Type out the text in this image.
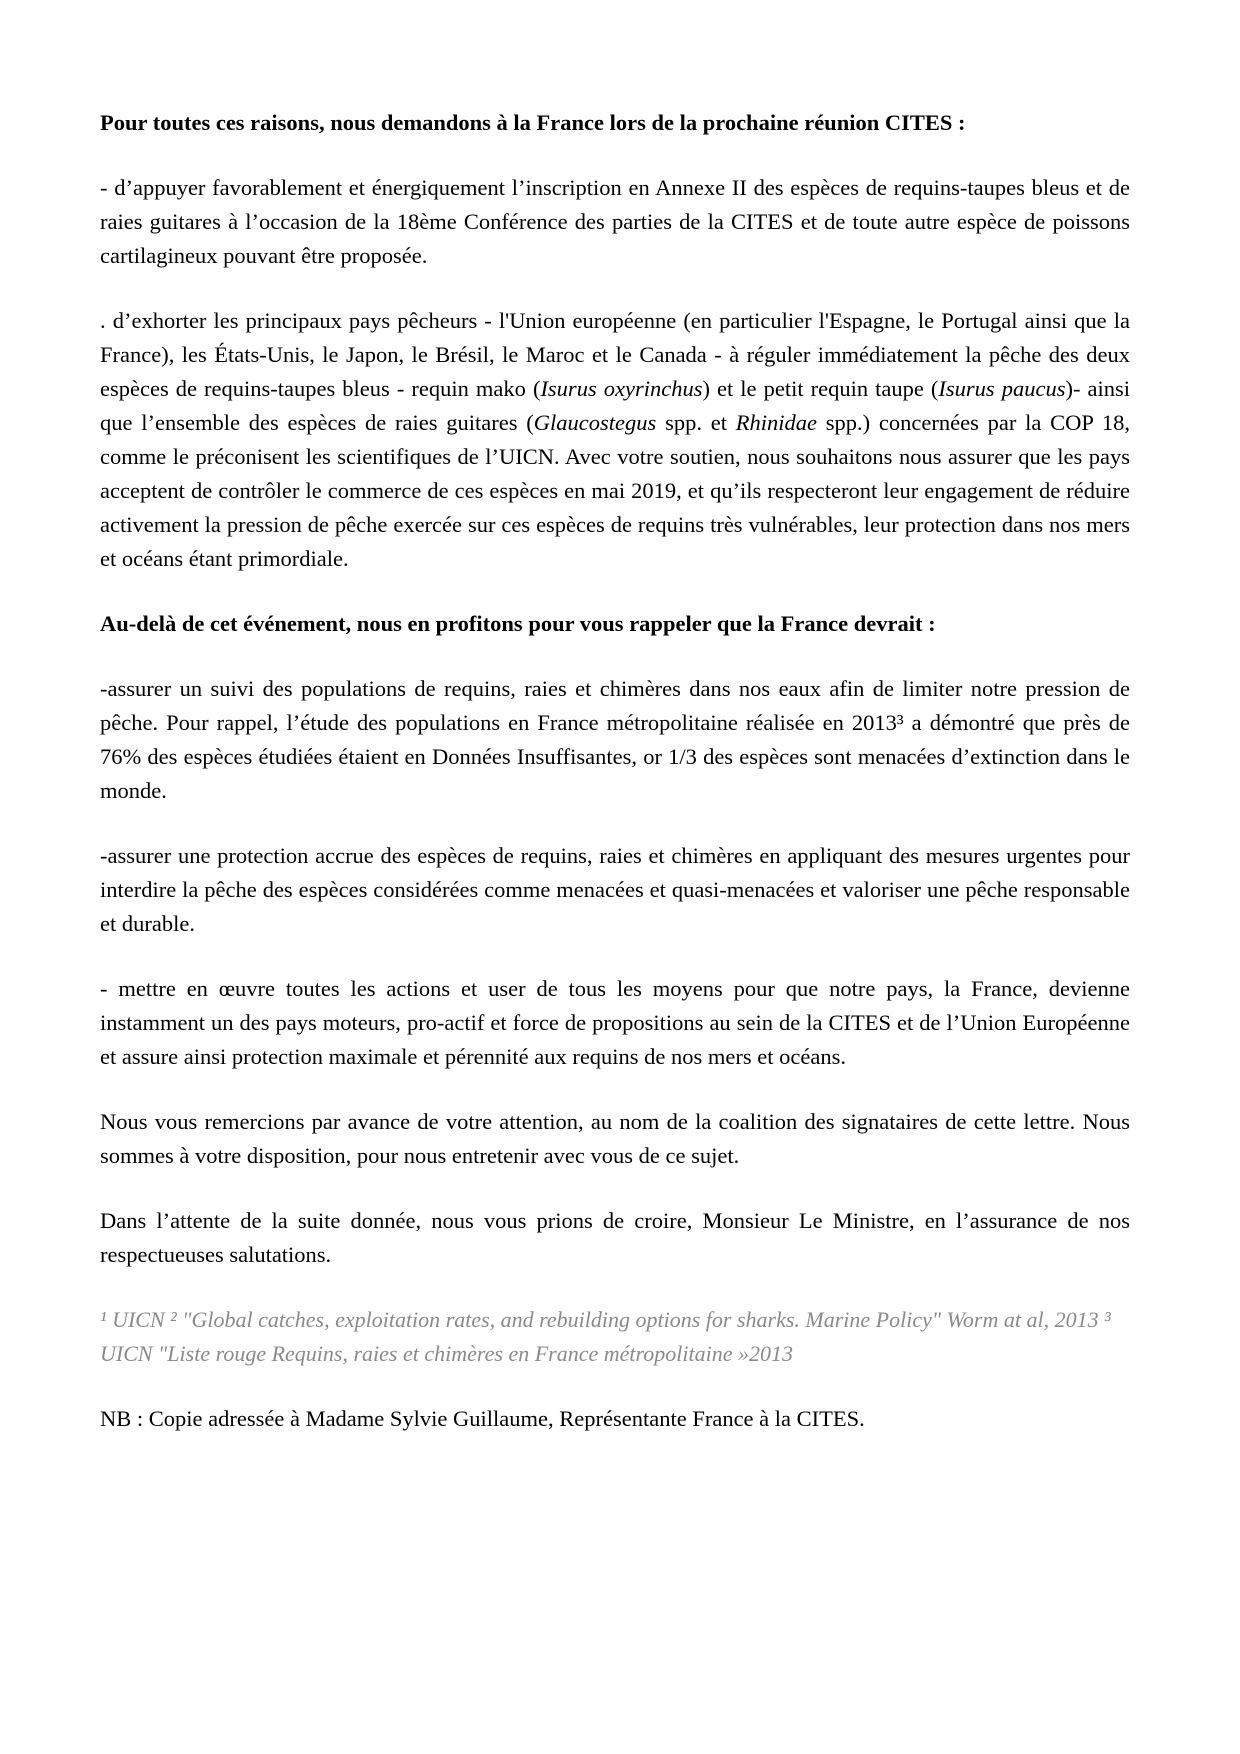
Pour toutes ces raisons, nous demandons à la France lors de la prochaine réunion CITES :

- d’appuyer favorablement et énergiquement l’inscription en Annexe II des espèces de requins-taupes bleus et de raies guitares à l’occasion de la 18ème Conférence des parties de la CITES et de toute autre espèce de poissons cartilagineux pouvant être proposée.

. d’exhorter les principaux pays pêcheurs - l'Union européenne (en particulier l'Espagne, le Portugal ainsi que la France), les États-Unis, le Japon, le Brésil, le Maroc et le Canada - à réguler immédiatement la pêche des deux espèces de requins-taupes bleus - requin mako (Isurus oxyrinchus) et le petit requin taupe (Isurus paucus)- ainsi que l’ensemble des espèces de raies guitares (Glaucostegus spp. et Rhinidae spp.) concernées par la COP 18, comme le préconisent les scientifiques de l’UICN. Avec votre soutien, nous souhaitons nous assurer que les pays acceptent de contrôler le commerce de ces espèces en mai 2019, et qu’ils respecteront leur engagement de réduire activement la pression de pêche exercée sur ces espèces de requins très vulnérables, leur protection dans nos mers et océans étant primordiale.

Au-delà de cet événement, nous en profitons pour vous rappeler que la France devrait :

-assurer un suivi des populations de requins, raies et chimères dans nos eaux afin de limiter notre pression de pêche. Pour rappel, l’étude des populations en France métropolitaine réalisée en 2013³ a démontré que près de 76% des espèces étudiées étaient en Données Insuffisantes, or 1/3 des espèces sont menacées d’extinction dans le monde.

-assurer une protection accrue des espèces de requins, raies et chimères en appliquant des mesures urgentes pour interdire la pêche des espèces considérées comme menacées et quasi-menacées et valoriser une pêche responsable et durable.

- mettre en œuvre toutes les actions et user de tous les moyens pour que notre pays, la France, devienne instamment un des pays moteurs, pro-actif et force de propositions au sein de la CITES et de l’Union Européenne et assure ainsi protection maximale et pérennité aux requins de nos mers et océans.

Nous vous remercions par avance de votre attention, au nom de la coalition des signataires de cette lettre. Nous sommes à votre disposition, pour nous entretenir avec vous de ce sujet.

Dans l’attente de la suite donnée, nous vous prions de croire, Monsieur Le Ministre, en l’assurance de nos respectueuses salutations.

¹ UICN ² "Global catches, exploitation rates, and rebuilding options for sharks. Marine Policy" Worm at al, 2013 ³ UICN "Liste rouge Requins, raies et chimères en France métropolitaine »2013

NB : Copie adressée à Madame Sylvie Guillaume, Représentante France à la CITES.
